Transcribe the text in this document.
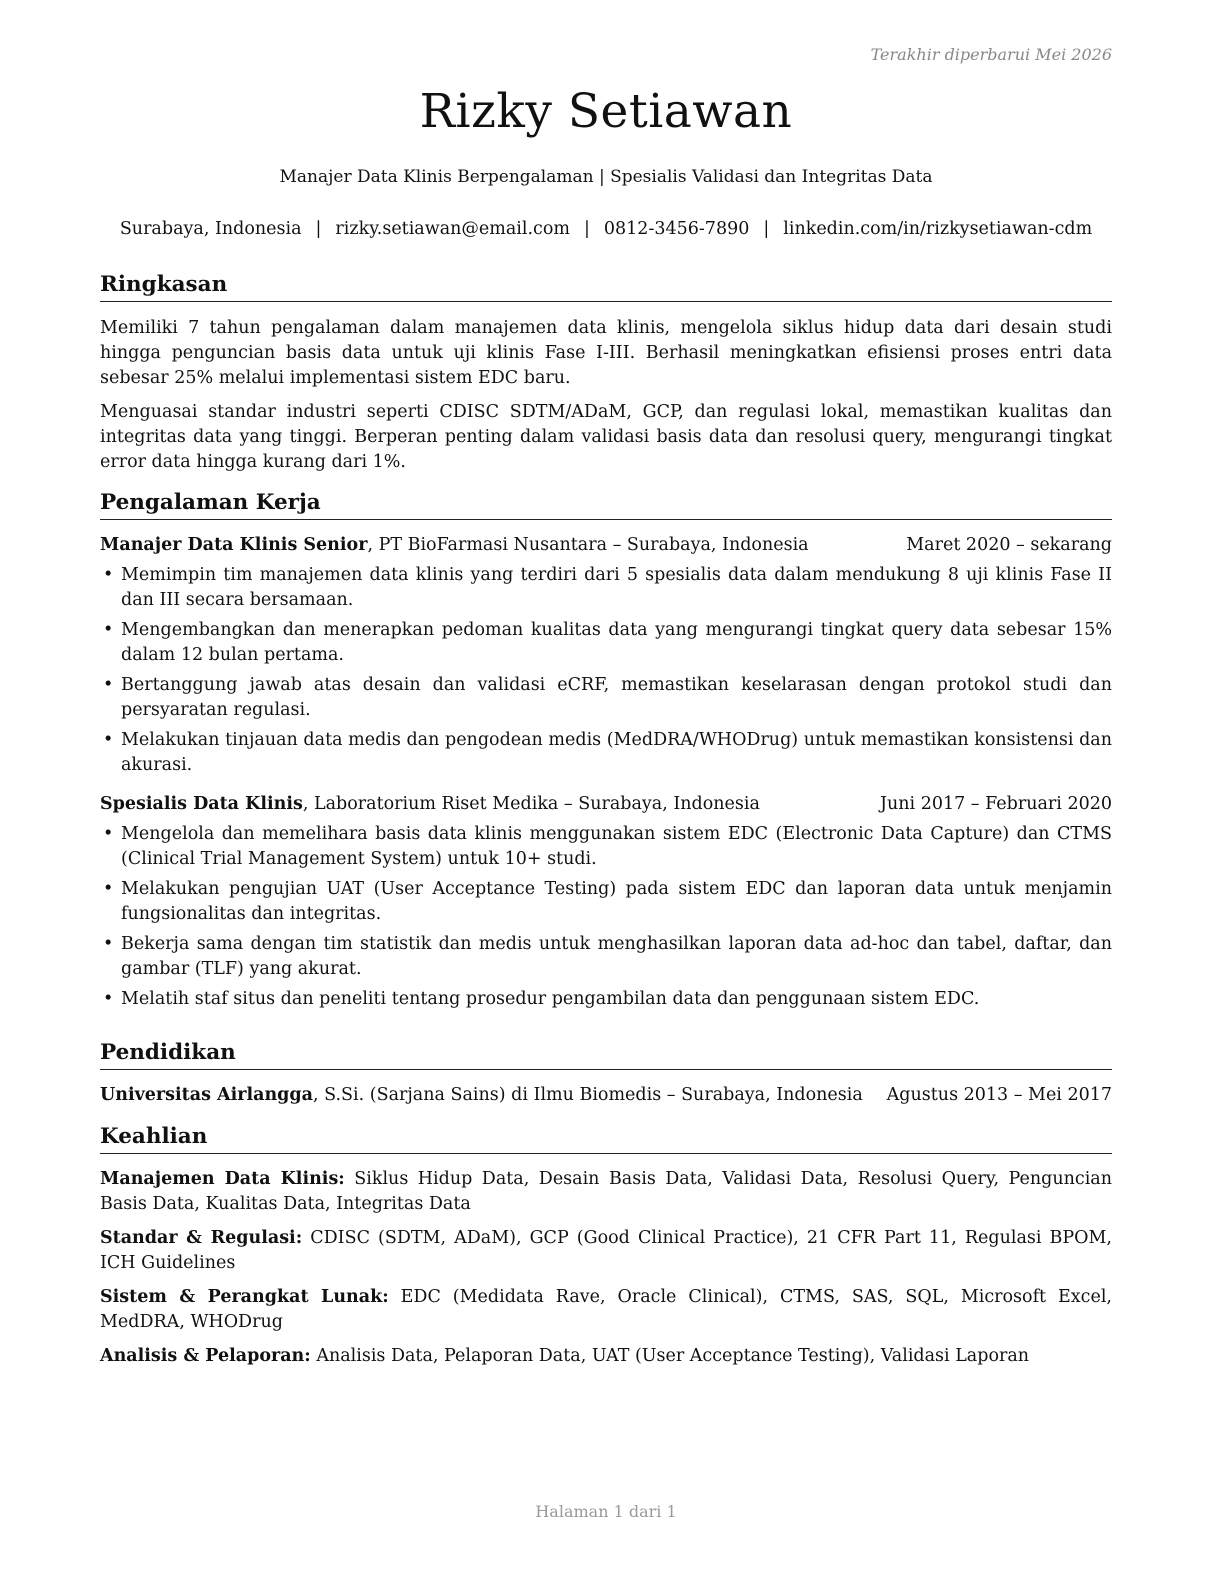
Terakhir diperbarui Mei 2026
Rizky Setiawan
Manajer Data Klinis Berpengalaman | Spesialis Validasi dan Integritas Data
Surabaya, Indonesia | rizky.setiawan@email.com | 0812-3456-7890 | linkedin.com/in/rizkysetiawan-cdm
Ringkasan

Memiliki 7 tahun pengalaman dalam manajemen data klinis, mengelola siklus hidup data dari desain studi hingga penguncian basis data untuk uji klinis Fase I-III. Berhasil meningkatkan efisiensi proses entri data sebesar 25% melalui implementasi sistem EDC baru.

Menguasai standar industri seperti CDISC SDTM/ADaM, GCP, dan regulasi lokal, memastikan kualitas dan integritas data yang tinggi. Berperan penting dalam validasi basis data dan resolusi query, mengurangi tingkat error data hingga kurang dari 1%.

Pengalaman Kerja
Manajer Data Klinis Senior, PT BioFarmasi Nusantara – Surabaya, Indonesia	Maret 2020 – sekarang
• Memimpin tim manajemen data klinis yang terdiri dari 5 spesialis data dalam mendukung 8 uji klinis Fase II dan III secara bersamaan.
• Mengembangkan dan menerapkan pedoman kualitas data yang mengurangi tingkat query data sebesar 15% dalam 12 bulan pertama.
• Bertanggung jawab atas desain dan validasi eCRF, memastikan keselarasan dengan protokol studi dan persyaratan regulasi.
• Melakukan tinjauan data medis dan pengodean medis (MedDRA/WHODrug) untuk memastikan konsistensi dan akurasi.
Spesialis Data Klinis, Laboratorium Riset Medika – Surabaya, Indonesia	Juni 2017 – Februari 2020
• Mengelola dan memelihara basis data klinis menggunakan sistem EDC (Electronic Data Capture) dan CTMS (Clinical Trial Management System) untuk 10+ studi.
• Melakukan pengujian UAT (User Acceptance Testing) pada sistem EDC dan laporan data untuk menjamin fungsionalitas dan integritas.
• Bekerja sama dengan tim statistik dan medis untuk menghasilkan laporan data ad-hoc dan tabel, daftar, dan gambar (TLF) yang akurat.
• Melatih staf situs dan peneliti tentang prosedur pengambilan data dan penggunaan sistem EDC.
Pendidikan
Universitas Airlangga, S.Si. (Sarjana Sains) di Ilmu Biomedis – Surabaya, Indonesia Agustus 2013 – Mei 2017
Keahlian

Manajemen Data Klinis: Siklus Hidup Data, Desain Basis Data, Validasi Data, Resolusi Query, Penguncian Basis Data, Kualitas Data, Integritas Data

Standar & Regulasi: CDISC (SDTM, ADaM), GCP (Good Clinical Practice), 21 CFR Part 11, Regulasi BPOM, ICH Guidelines

Sistem & Perangkat Lunak: EDC (Medidata Rave, Oracle Clinical), CTMS, SAS, SQL, Microsoft Excel, MedDRA, WHODrug

Analisis & Pelaporan: Analisis Data, Pelaporan Data, UAT (User Acceptance Testing), Validasi Laporan

Halaman 1 dari 1
